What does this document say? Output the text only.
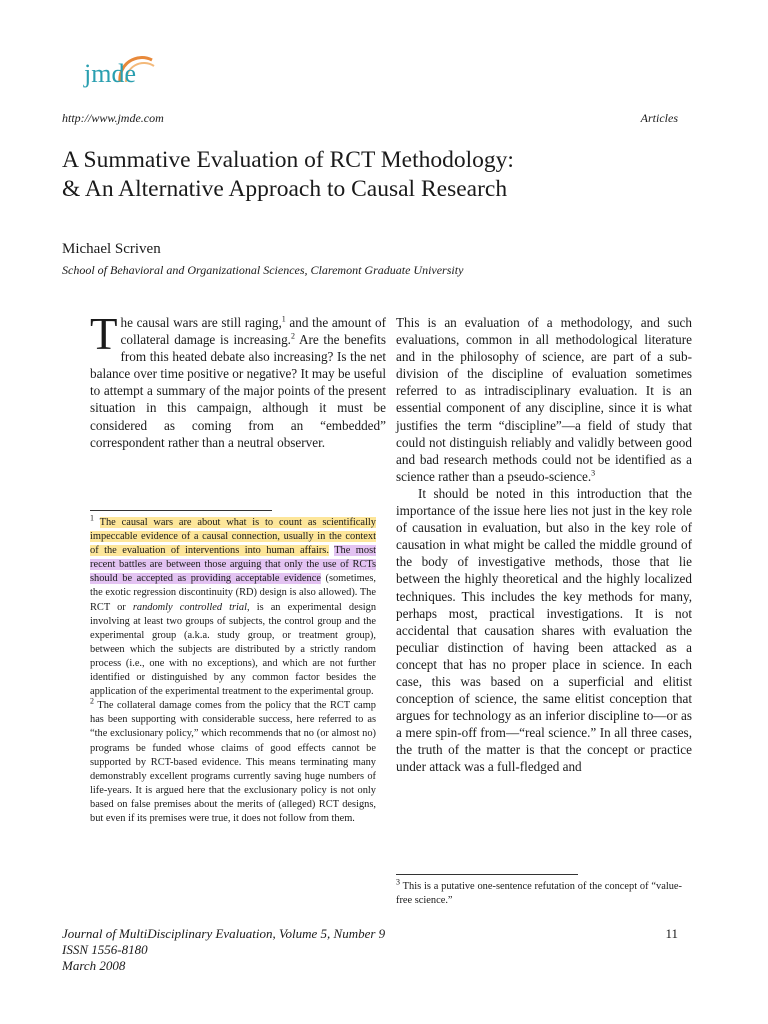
jmde
http://www.jmde.com	Articles
A Summative Evaluation of RCT Methodology:
& An Alternative Approach to Causal Research
Michael Scriven
School of Behavioral and Organizational Sciences, Claremont Graduate University

The causal wars are still raging,$^1$ and the amount of collateral damage is increasing.$^2$ Are the benefits from this heated debate also increasing? Is the net balance over time positive or negative? It may be useful to attempt a summary of the major points of the present situation in this campaign, although it must be considered as coming from an “embedded” correspondent rather than a neutral observer.

This is an evaluation of a methodology, and such evaluations, common in all methodological literature and in the philosophy of science, are part of a sub-division of the discipline of evaluation sometimes referred to as intradisciplinary evaluation. It is an essential component of any discipline, since it is what justifies the term “discipline”—a field of study that could not distinguish reliably and validly between good and bad research methods could not be identified as a science rather than a pseudo-science.$^3$

It should be noted in this introduction that the importance of the issue here lies not just in the key role of causation in evaluation, but also in the key role of causation in what might be called the middle ground of the body of investigative methods, those that lie between the highly theoretical and the highly localized techniques. This includes the key methods for many, perhaps most, practical investigations. It is not accidental that causation shares with evaluation the peculiar distinction of having been attacked as a concept that has no proper place in science. In each case, this was based on a superficial and elitist conception of science, the same elitist conception that argues for technology as an inferior discipline to—or as a mere spin-off from—“real science.” In all three cases, the truth of the matter is that the concept or practice under attack was a full-fledged and

$^1$ The causal wars are about what is to count as scientifically impeccable evidence of a causal connection, usually in the context of the evaluation of interventions into human affairs. The most recent battles are between those arguing that only the use of RCTs should be accepted as providing acceptable evidence (sometimes, the exotic regression discontinuity (RD) design is also allowed). The RCT or randomly controlled trial, is an experimental design involving at least two groups of subjects, the control group and the experimental group (a.k.a. study group, or treatment group), between which the subjects are distributed by a strictly random process (i.e., one with no exceptions), and which are not further identified or distinguished by any common factor besides the application of the experimental treatment to the experimental group.

$^2$ The collateral damage comes from the policy that the RCT camp has been supporting with considerable success, here referred to as “the exclusionary policy,” which recommends that no (or almost no) programs be funded whose claims of good effects cannot be supported by RCT-based evidence. This means terminating many demonstrably excellent programs currently saving huge numbers of life-years. It is argued here that the exclusionary policy is not only based on false premises about the merits of (alleged) RCT designs, but even if its premises were true, it does not follow from them.

$^3$ This is a putative one-sentence refutation of the concept of “value-free science.”

Journal of MultiDisciplinary Evaluation, Volume 5, Number 9
ISSN 1556-8180
March 2008
11
